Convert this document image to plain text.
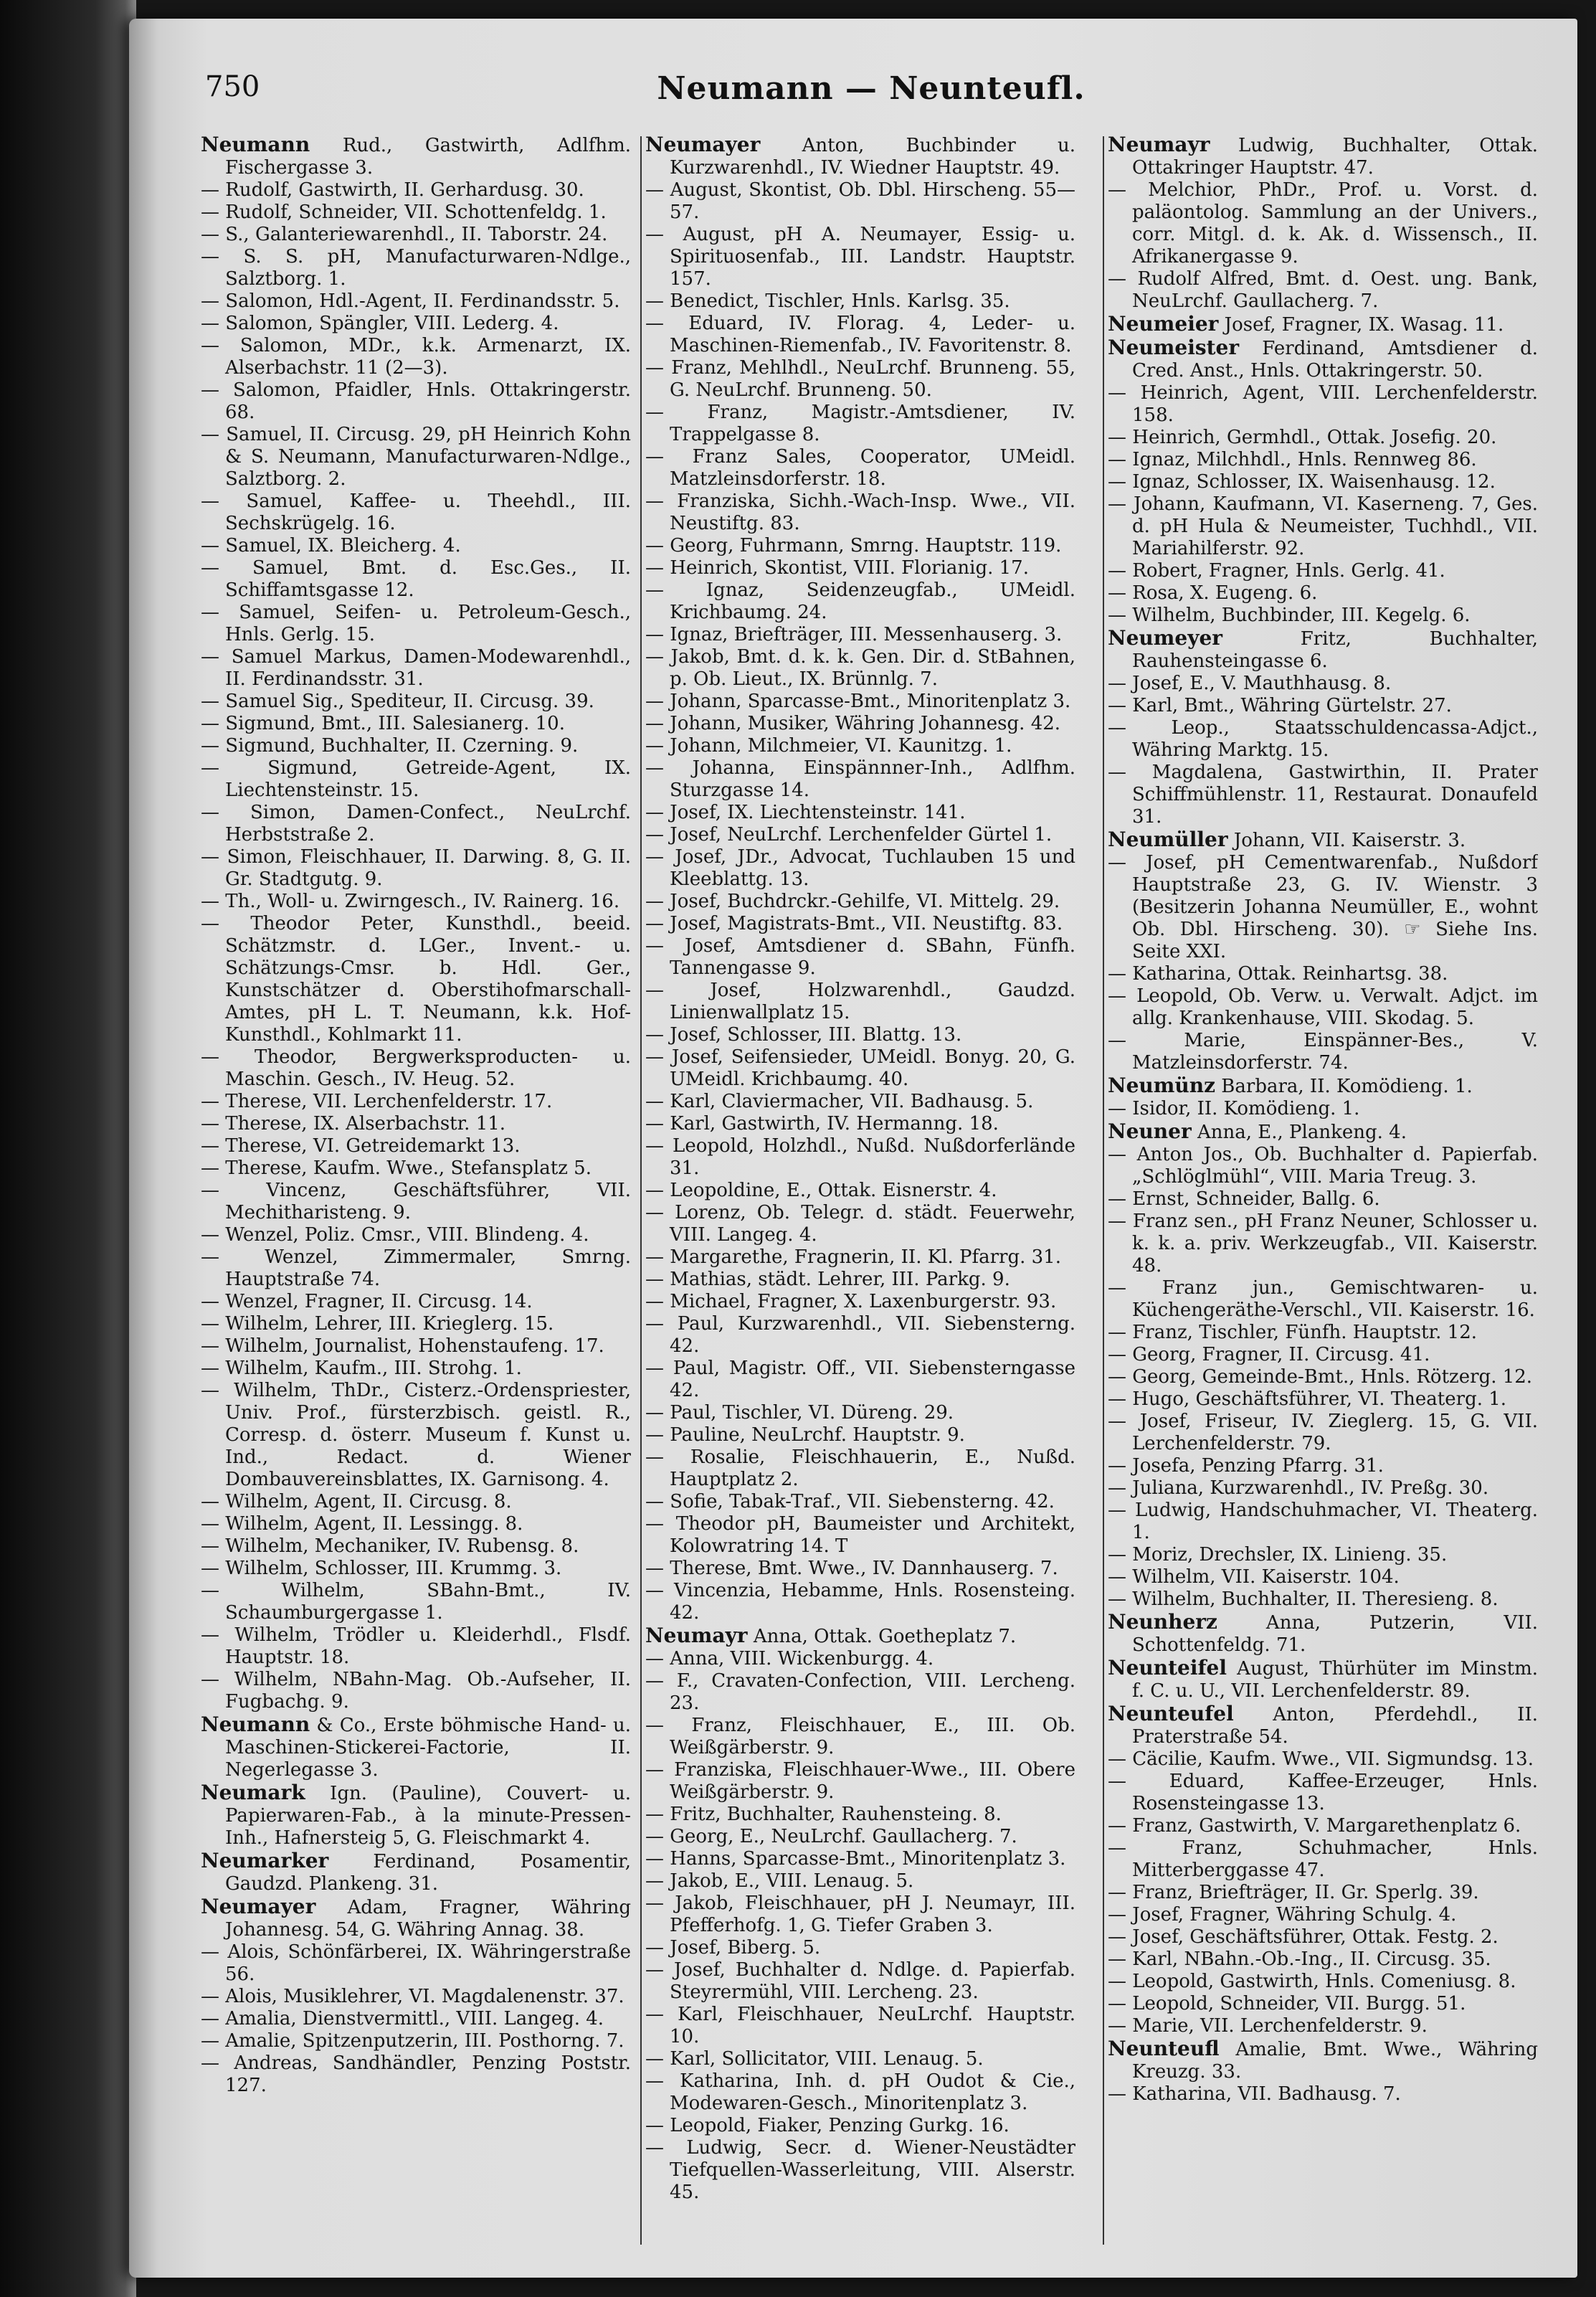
750	Neumann — Neunteufl.

Neumann Rud., Gastwirth, Adlfhm. Fischergasse 3.

— Rudolf, Gastwirth, II. Gerhardusg. 30.

— Rudolf, Schneider, VII. Schottenfeldg. 1.

— S., Galanteriewarenhdl., II. Taborstr. 24.

— S. S. pH, Manufacturwaren-Ndlge., Salztborg. 1.

— Salomon, Hdl.-Agent, II. Ferdinandsstr. 5.

— Salomon, Spängler, VIII. Lederg. 4.

— Salomon, MDr., k.k. Armenarzt, IX. Alserbachstr. 11 (2—3).

— Salomon, Pfaidler, Hnls. Ottakringerstr. 68.

— Samuel, II. Circusg. 29, pH Heinrich Kohn & S. Neumann, Manufacturwaren-Ndlge., Salztborg. 2.

— Samuel, Kaffee- u. Theehdl., III. Sechskrügelg. 16.

— Samuel, IX. Bleicherg. 4.

— Samuel, Bmt. d. Esc.Ges., II. Schiffamtsgasse 12.

— Samuel, Seifen- u. Petroleum-Gesch., Hnls. Gerlg. 15.

— Samuel Markus, Damen-Modewarenhdl., II. Ferdinandsstr. 31.

— Samuel Sig., Spediteur, II. Circusg. 39.

— Sigmund, Bmt., III. Salesianerg. 10.

— Sigmund, Buchhalter, II. Czerning. 9.

— Sigmund, Getreide-Agent, IX. Liechtensteinstr. 15.

— Simon, Damen-Confect., NeuLrchf. Herbststraße 2.

— Simon, Fleischhauer, II. Darwing. 8, G. II. Gr. Stadtgutg. 9.

— Th., Woll- u. Zwirngesch., IV. Rainerg. 16.

— Theodor Peter, Kunsthdl., beeid. Schätzmstr. d. LGer., Invent.- u. Schätzungs-Cmsr. b. Hdl. Ger., Kunstschätzer d. Oberstihofmarschall-Amtes, pH L. T. Neumann, k.k. Hof-Kunsthdl., Kohlmarkt 11.

— Theodor, Bergwerksproducten- u. Maschin. Gesch., IV. Heug. 52.

— Therese, VII. Lerchenfelderstr. 17.

— Therese, IX. Alserbachstr. 11.

— Therese, VI. Getreidemarkt 13.

— Therese, Kaufm. Wwe., Stefansplatz 5.

— Vincenz, Geschäftsführer, VII. Mechitharisteng. 9.

— Wenzel, Poliz. Cmsr., VIII. Blindeng. 4.

— Wenzel, Zimmermaler, Smrng. Hauptstraße 74.

— Wenzel, Fragner, II. Circusg. 14.

— Wilhelm, Lehrer, III. Krieglerg. 15.

— Wilhelm, Journalist, Hohenstaufeng. 17.

— Wilhelm, Kaufm., III. Strohg. 1.

— Wilhelm, ThDr., Cisterz.-Ordenspriester, Univ. Prof., fürsterzbisch. geistl. R., Corresp. d. österr. Museum f. Kunst u. Ind., Redact. d. Wiener Dombauvereinsblattes, IX. Garnisong. 4.

— Wilhelm, Agent, II. Circusg. 8.

— Wilhelm, Agent, II. Lessingg. 8.

— Wilhelm, Mechaniker, IV. Rubensg. 8.

— Wilhelm, Schlosser, III. Krummg. 3.

— Wilhelm, SBahn-Bmt., IV. Schaumburgergasse 1.

— Wilhelm, Trödler u. Kleiderhdl., Flsdf. Hauptstr. 18.

— Wilhelm, NBahn-Mag. Ob.-Aufseher, II. Fugbachg. 9.

Neumann & Co., Erste böhmische Hand- u. Maschinen-Stickerei-Factorie, II. Negerlegasse 3.

Neumark Ign. (Pauline), Couvert- u. Papierwaren-Fab., à la minute-Pressen-Inh., Hafnersteig 5, G. Fleischmarkt 4.

Neumarker Ferdinand, Posamentir, Gaudzd. Plankeng. 31.

Neumayer Adam, Fragner, Währing Johannesg. 54, G. Währing Annag. 38.

— Alois, Schönfärberei, IX. Währingerstraße 56.

— Alois, Musiklehrer, VI. Magdalenenstr. 37.

— Amalia, Dienstvermittl., VIII. Langeg. 4.

— Amalie, Spitzenputzerin, III. Posthorng. 7.

— Andreas, Sandhändler, Penzing Poststr. 127.

Neumayer Anton, Buchbinder u. Kurzwarenhdl., IV. Wiedner Hauptstr. 49.

— August, Skontist, Ob. Dbl. Hirscheng. 55—57.

— August, pH A. Neumayer, Essig- u. Spirituosenfab., III. Landstr. Hauptstr. 157.

— Benedict, Tischler, Hnls. Karlsg. 35.

— Eduard, IV. Florag. 4, Leder- u. Maschinen-Riemenfab., IV. Favoritenstr. 8.

— Franz, Mehlhdl., NeuLrchf. Brunneng. 55, G. NeuLrchf. Brunneng. 50.

— Franz, Magistr.-Amtsdiener, IV. Trappelgasse 8.

— Franz Sales, Cooperator, UMeidl. Matzleinsdorferstr. 18.

— Franziska, Sichh.-Wach-Insp. Wwe., VII. Neustiftg. 83.

— Georg, Fuhrmann, Smrng. Hauptstr. 119.

— Heinrich, Skontist, VIII. Florianig. 17.

— Ignaz, Seidenzeugfab., UMeidl. Krichbaumg. 24.

— Ignaz, Briefträger, III. Messenhauserg. 3.

— Jakob, Bmt. d. k. k. Gen. Dir. d. StBahnen, p. Ob. Lieut., IX. Brünnlg. 7.

— Johann, Sparcasse-Bmt., Minoritenplatz 3.

— Johann, Musiker, Währing Johannesg. 42.

— Johann, Milchmeier, VI. Kaunitzg. 1.

— Johanna, Einspännner-Inh., Adlfhm. Sturzgasse 14.

— Josef, IX. Liechtensteinstr. 141.

— Josef, NeuLrchf. Lerchenfelder Gürtel 1.

— Josef, JDr., Advocat, Tuchlauben 15 und Kleeblattg. 13.

— Josef, Buchdrckr.-Gehilfe, VI. Mittelg. 29.

— Josef, Magistrats-Bmt., VII. Neustiftg. 83.

— Josef, Amtsdiener d. SBahn, Fünfh. Tannengasse 9.

— Josef, Holzwarenhdl., Gaudzd. Linienwallplatz 15.

— Josef, Schlosser, III. Blattg. 13.

— Josef, Seifensieder, UMeidl. Bonyg. 20, G. UMeidl. Krichbaumg. 40.

— Karl, Claviermacher, VII. Badhausg. 5.

— Karl, Gastwirth, IV. Hermanng. 18.

— Leopold, Holzhdl., Nußd. Nußdorferlände 31.

— Leopoldine, E., Ottak. Eisnerstr. 4.

— Lorenz, Ob. Telegr. d. städt. Feuerwehr, VIII. Langeg. 4.

— Margarethe, Fragnerin, II. Kl. Pfarrg. 31.

— Mathias, städt. Lehrer, III. Parkg. 9.

— Michael, Fragner, X. Laxenburgerstr. 93.

— Paul, Kurzwarenhdl., VII. Siebensterng. 42.

— Paul, Magistr. Off., VII. Siebensterngasse 42.

— Paul, Tischler, VI. Düreng. 29.

— Pauline, NeuLrchf. Hauptstr. 9.

— Rosalie, Fleischhauerin, E., Nußd. Hauptplatz 2.

— Sofie, Tabak-Traf., VII. Siebensterng. 42.

— Theodor pH, Baumeister und Architekt, Kolowratring 14. T

— Therese, Bmt. Wwe., IV. Dannhauserg. 7.

— Vincenzia, Hebamme, Hnls. Rosensteing. 42.

Neumayr Anna, Ottak. Goetheplatz 7.

— Anna, VIII. Wickenburgg. 4.

— F., Cravaten-Confection, VIII. Lercheng. 23.

— Franz, Fleischhauer, E., III. Ob. Weißgärberstr. 9.

— Franziska, Fleischhauer-Wwe., III. Obere Weißgärberstr. 9.

— Fritz, Buchhalter, Rauhensteing. 8.

— Georg, E., NeuLrchf. Gaullacherg. 7.

— Hanns, Sparcasse-Bmt., Minoritenplatz 3.

— Jakob, E., VIII. Lenaug. 5.

— Jakob, Fleischhauer, pH J. Neumayr, III. Pfefferhofg. 1, G. Tiefer Graben 3.

— Josef, Biberg. 5.

— Josef, Buchhalter d. Ndlge. d. Papierfab. Steyrermühl, VIII. Lercheng. 23.

— Karl, Fleischhauer, NeuLrchf. Hauptstr. 10.

— Karl, Sollicitator, VIII. Lenaug. 5.

— Katharina, Inh. d. pH Oudot & Cie., Modewaren-Gesch., Minoritenplatz 3.

— Leopold, Fiaker, Penzing Gurkg. 16.

— Ludwig, Secr. d. Wiener-Neustädter Tiefquellen-Wasserleitung, VIII. Alserstr. 45.

Neumayr Ludwig, Buchhalter, Ottak. Ottakringer Hauptstr. 47.

— Melchior, PhDr., Prof. u. Vorst. d. paläontolog. Sammlung an der Univers., corr. Mitgl. d. k. Ak. d. Wissensch., II. Afrikanergasse 9.

— Rudolf Alfred, Bmt. d. Oest. ung. Bank, NeuLrchf. Gaullacherg. 7.

Neumeier Josef, Fragner, IX. Wasag. 11.

Neumeister Ferdinand, Amtsdiener d. Cred. Anst., Hnls. Ottakringerstr. 50.

— Heinrich, Agent, VIII. Lerchenfelderstr. 158.

— Heinrich, Germhdl., Ottak. Josefig. 20.

— Ignaz, Milchhdl., Hnls. Rennweg 86.

— Ignaz, Schlosser, IX. Waisenhausg. 12.

— Johann, Kaufmann, VI. Kaserneng. 7, Ges. d. pH Hula & Neumeister, Tuchhdl., VII. Mariahilferstr. 92.

— Robert, Fragner, Hnls. Gerlg. 41.

— Rosa, X. Eugeng. 6.

— Wilhelm, Buchbinder, III. Kegelg. 6.

Neumeyer Fritz, Buchhalter, Rauhensteingasse 6.

— Josef, E., V. Mauthhausg. 8.

— Karl, Bmt., Währing Gürtelstr. 27.

— Leop., Staatsschuldencassa-Adjct., Währing Marktg. 15.

— Magdalena, Gastwirthin, II. Prater Schiffmühlenstr. 11, Restaurat. Donaufeld 31.

Neumüller Johann, VII. Kaiserstr. 3.

— Josef, pH Cementwarenfab., Nußdorf Hauptstraße 23, G. IV. Wienstr. 3 (Besitzerin Johanna Neumüller, E., wohnt Ob. Dbl. Hirscheng. 30). ☞ Siehe Ins. Seite XXI.

— Katharina, Ottak. Reinhartsg. 38.

— Leopold, Ob. Verw. u. Verwalt. Adjct. im allg. Krankenhause, VIII. Skodag. 5.

— Marie, Einspänner-Bes., V. Matzleinsdorferstr. 74.

Neumünz Barbara, II. Komödieng. 1.

— Isidor, II. Komödieng. 1.

Neuner Anna, E., Plankeng. 4.

— Anton Jos., Ob. Buchhalter d. Papierfab. „Schlöglmühl“, VIII. Maria Treug. 3.

— Ernst, Schneider, Ballg. 6.

— Franz sen., pH Franz Neuner, Schlosser u. k. k. a. priv. Werkzeugfab., VII. Kaiserstr. 48.

— Franz jun., Gemischtwaren- u. Küchengeräthe-Verschl., VII. Kaiserstr. 16.

— Franz, Tischler, Fünfh. Hauptstr. 12.

— Georg, Fragner, II. Circusg. 41.

— Georg, Gemeinde-Bmt., Hnls. Rötzerg. 12.

— Hugo, Geschäftsführer, VI. Theaterg. 1.

— Josef, Friseur, IV. Zieglerg. 15, G. VII. Lerchenfelderstr. 79.

— Josefa, Penzing Pfarrg. 31.

— Juliana, Kurzwarenhdl., IV. Preßg. 30.

— Ludwig, Handschuhmacher, VI. Theaterg. 1.

— Moriz, Drechsler, IX. Linieng. 35.

— Wilhelm, VII. Kaiserstr. 104.

— Wilhelm, Buchhalter, II. Theresieng. 8.

Neunherz Anna, Putzerin, VII. Schottenfeldg. 71.

Neunteifel August, Thürhüter im Minstm. f. C. u. U., VII. Lerchenfelderstr. 89.

Neunteufel Anton, Pferdehdl., II. Praterstraße 54.

— Cäcilie, Kaufm. Wwe., VII. Sigmundsg. 13.

— Eduard, Kaffee-Erzeuger, Hnls. Rosensteingasse 13.

— Franz, Gastwirth, V. Margarethenplatz 6.

— Franz, Schuhmacher, Hnls. Mitterberggasse 47.

— Franz, Briefträger, II. Gr. Sperlg. 39.

— Josef, Fragner, Währing Schulg. 4.

— Josef, Geschäftsführer, Ottak. Festg. 2.

— Karl, NBahn.-Ob.-Ing., II. Circusg. 35.

— Leopold, Gastwirth, Hnls. Comeniusg. 8.

— Leopold, Schneider, VII. Burgg. 51.

— Marie, VII. Lerchenfelderstr. 9.

Neunteufl Amalie, Bmt. Wwe., Währing Kreuzg. 33.

— Katharina, VII. Badhausg. 7.
